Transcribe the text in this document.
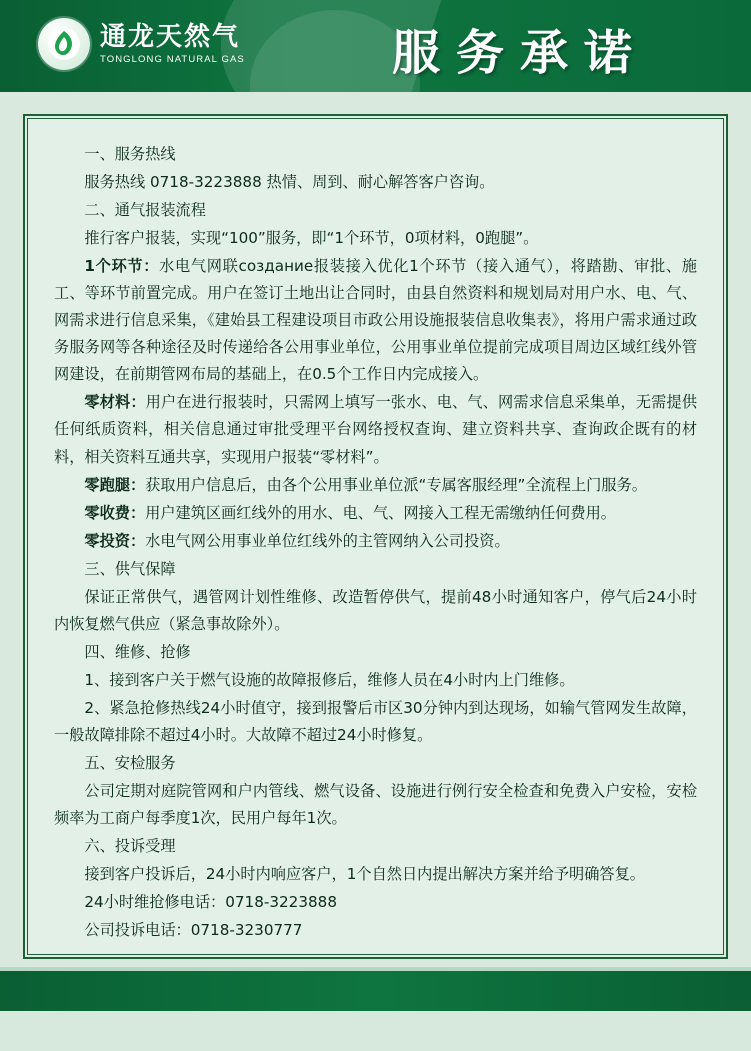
通龙天然气
TONGLONG NATURAL GAS	服务承诺

一、服务热线

服务热线 0718-3223888 热情、周到、耐心解答客户咨询。

二、通气报装流程

推行客户报装，实现“100”服务，即“1个环节，0项材料，0跑腿”。

1个环节：水电气网联создание报装接入优化1个环节（接入通气），将踏勘、审批、施工、等环节前置完成。用户在签订土地出让合同时，由县自然资料和规划局对用户水、电、气、网需求进行信息采集，《建始县工程建设项目市政公用设施报装信息收集表》，将用户需求通过政务服务网等各种途径及时传递给各公用事业单位，公用事业单位提前完成项目周边区域红线外管网建设，在前期管网布局的基础上，在0.5个工作日内完成接入。

零材料：用户在进行报装时，只需网上填写一张水、电、气、网需求信息采集单，无需提供任何纸质资料，相关信息通过审批受理平台网络授权查询、建立资料共享、查询政企既有的材料，相关资料互通共享，实现用户报装“零材料”。

零跑腿：获取用户信息后，由各个公用事业单位派“专属客服经理”全流程上门服务。

零收费：用户建筑区画红线外的用水、电、气、网接入工程无需缴纳任何费用。

零投资：水电气网公用事业单位红线外的主管网纳入公司投资。

三、供气保障

保证正常供气，遇管网计划性维修、改造暂停供气，提前48小时通知客户，停气后24小时内恢复燃气供应（紧急事故除外）。

四、维修、抢修

1、接到客户关于燃气设施的故障报修后，维修人员在4小时内上门维修。

2、紧急抢修热线24小时值守，接到报警后市区30分钟内到达现场，如输气管网发生故障，一般故障排除不超过4小时。大故障不超过24小时修复。

五、安检服务

公司定期对庭院管网和户内管线、燃气设备、设施进行例行安全检查和免费入户安检，安检频率为工商户每季度1次，民用户每年1次。

六、投诉受理

接到客户投诉后，24小时内响应客户，1个自然日内提出解决方案并给予明确答复。

24小时维抢修电话：0718-3223888

公司投诉电话：0718-3230777
